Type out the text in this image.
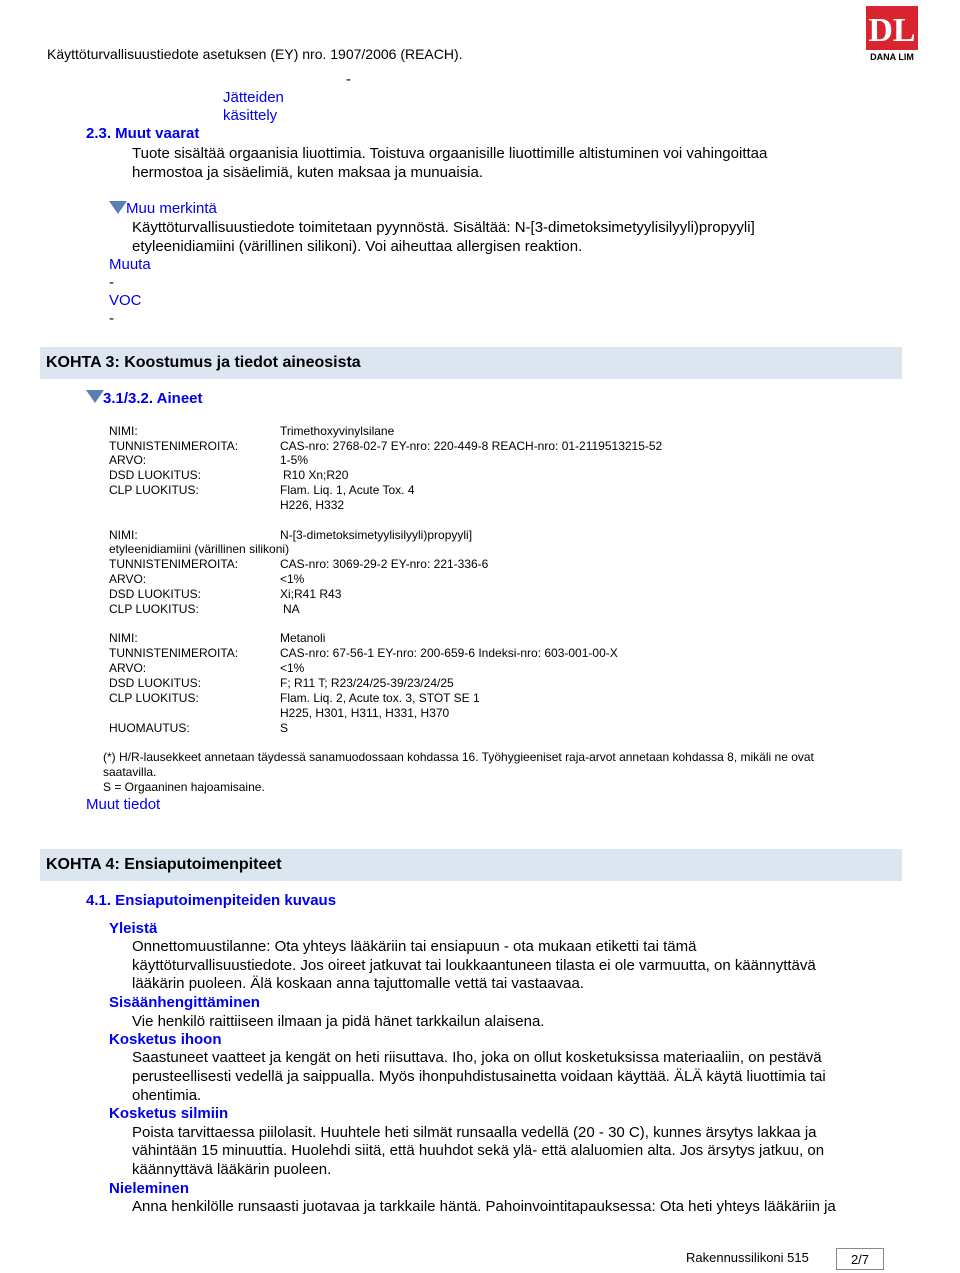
Käyttöturvallisuustiedote asetuksen (EY) nro. 1907/2006 (REACH).
DL
DANA LIM
Jätteiden
käsittely
-
2.3. Muut vaarat
Tuote sisältää orgaanisia liuottimia. Toistuva orgaanisille liuottimille altistuminen voi vahingoittaa
hermostoa ja sisäelimiä, kuten maksaa ja munuaisia.
Muu merkintä
Käyttöturvallisuustiedote toimitetaan pyynnöstä. Sisältää: N-[3-dimetoksimetyylisilyyli)propyyli]
etyleenidiamiini (värillinen silikoni). Voi aiheuttaa allergisen reaktion.
Muuta
-
VOC
-
KOHTA 3: Koostumus ja tiedot aineosista
3.1/3.2. Aineet
NIMI:	Trimethoxyvinylsilane
TUNNISTENIMEROITA:	CAS-nro: 2768-02-7 EY-nro: 220-449-8 REACH-nro: 01-2119513215-52
ARVO:	1-5%
DSD LUOKITUS:	R10 Xn;R20
CLP LUOKITUS:	Flam. Liq. 1, Acute Tox. 4
H226, H332
NIMI:	N-[3-dimetoksimetyylisilyyli)propyyli]
etyleenidiamiini (värillinen silikoni)
TUNNISTENIMEROITA:	CAS-nro: 3069-29-2 EY-nro: 221-336-6
ARVO:	<1%
DSD LUOKITUS:	Xi;R41 R43
CLP LUOKITUS:	NA
NIMI:	Metanoli
TUNNISTENIMEROITA:	CAS-nro: 67-56-1 EY-nro: 200-659-6 Indeksi-nro: 603-001-00-X
ARVO:	<1%
DSD LUOKITUS:	F; R11 T; R23/24/25-39/23/24/25
CLP LUOKITUS:	Flam. Liq. 2, Acute tox. 3, STOT SE 1
H225, H301, H311, H331, H370
HUOMAUTUS:	S
(*) H/R-lausekkeet annetaan täydessä sanamuodossaan kohdassa 16. Työhygieeniset raja-arvot annetaan kohdassa 8, mikäli ne ovat
saatavilla.
S = Orgaaninen hajoamisaine.
Muut tiedot
KOHTA 4: Ensiaputoimenpiteet
4.1. Ensiaputoimenpiteiden kuvaus
Yleistä
Onnettomuustilanne: Ota yhteys lääkäriin tai ensiapuun - ota mukaan etiketti tai tämä
käyttöturvallisuustiedote. Jos oireet jatkuvat tai loukkaantuneen tilasta ei ole varmuutta, on käännyttävä
lääkärin puoleen. Älä koskaan anna tajuttomalle vettä tai vastaavaa.
Sisäänhengittäminen
Vie henkilö raittiiseen ilmaan ja pidä hänet tarkkailun alaisena.
Kosketus ihoon
Saastuneet vaatteet ja kengät on heti riisuttava. Iho, joka on ollut kosketuksissa materiaaliin, on pestävä
perusteellisesti vedellä ja saippualla. Myös ihonpuhdistusainetta voidaan käyttää. ÄLÄ käytä liuottimia tai
ohentimia.
Kosketus silmiin
Poista tarvittaessa piilolasit. Huuhtele heti silmät runsaalla vedellä (20 - 30 C), kunnes ärsytys lakkaa ja
vähintään 15 minuuttia. Huolehdi siitä, että huuhdot sekä ylä- että alaluomien alta. Jos ärsytys jatkuu, on
käännyttävä lääkärin puoleen.
Nieleminen
Anna henkilölle runsaasti juotavaa ja tarkkaile häntä. Pahoinvointitapauksessa: Ota heti yhteys lääkäriin ja
Rakennussilikoni 515	2/7
